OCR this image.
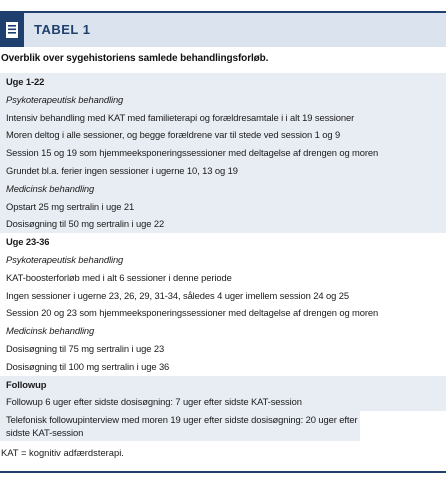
TABEL 1
Overblik over sygehistoriens samlede behandlingsforløb.
Uge 1-22
Psykoterapeutisk behandling
Intensiv behandling med KAT med familieterapi og forældresamtale i i alt 19 sessioner
Moren deltog i alle sessioner, og begge forældrene var til stede ved session 1 og 9
Session 15 og 19 som hjemmeeksponeringssessioner med deltagelse af drengen og moren
Grundet bl.a. ferier ingen sessioner i ugerne 10, 13 og 19
Medicinsk behandling
Opstart 25 mg sertralin i uge 21
Dosisøgning til 50 mg sertralin i uge 22
Uge 23-36
Psykoterapeutisk behandling
KAT-boosterforløb med i alt 6 sessioner i denne periode
Ingen sessioner i ugerne 23, 26, 29, 31-34, således 4 uger imellem session 24 og 25
Session 20 og 23 som hjemmeeksponeringssessioner med deltagelse af drengen og moren
Medicinsk behandling
Dosisøgning til 75 mg sertralin i uge 23
Dosisøgning til 100 mg sertralin i uge 36
Followup
Followup 6 uger efter sidste dosisøgning: 7 uger efter sidste KAT-session
Telefonisk followupinterview med moren 19 uger efter sidste dosisøgning: 20 uger efter sidste KAT-session
KAT = kognitiv adfærdsterapi.
